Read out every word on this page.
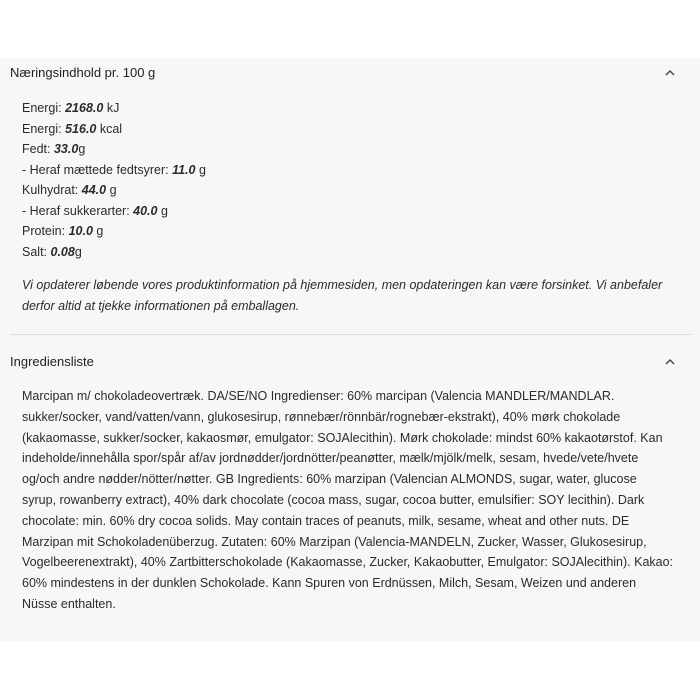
Næringsindhold pr. 100 g
Energi: 2168.0 kJ
Energi: 516.0 kcal
Fedt: 33.0g
- Heraf mættede fedtsyrer: 11.0 g
Kulhydrat: 44.0 g
- Heraf sukkerarter: 40.0 g
Protein: 10.0 g
Salt: 0.08g
Vi opdaterer løbende vores produktinformation på hjemmesiden, men opdateringen kan være forsinket. Vi anbefaler derfor altid at tjekke informationen på emballagen.
Ingrediensliste
Marcipan m/ chokoladeovertræk. DA/SE/NO Ingredienser: 60% marcipan (Valencia MANDLER/MANDLAR. sukker/socker, vand/vatten/vann, glukosesirup, rønnebær/rönnbär/rognebær-ekstrakt), 40% mørk chokolade (kakaomasse, sukker/socker, kakaosmør, emulgator: SOJAlecithin). Mørk chokolade: mindst 60% kakaotørstof. Kan indeholde/innehålla spor/spår af/av jordnødder/jordnötter/peanøtter, mælk/mjölk/melk, sesam, hvede/vete/hvete og/och andre nødder/nötter/nøtter. GB Ingredients: 60% marzipan (Valencian ALMONDS, sugar, water, glucose syrup, rowanberry extract), 40% dark chocolate (cocoa mass, sugar, cocoa butter, emulsifier: SOY lecithin). Dark chocolate: min. 60% dry cocoa solids. May contain traces of peanuts, milk, sesame, wheat and other nuts. DE Marzipan mit Schokoladenüberzug. Zutaten: 60% Marzipan (Valencia-MANDELN, Zucker, Wasser, Glukosesirup, Vogelbeerenextrakt), 40% Zartbitterschokolade (Kakaomasse, Zucker, Kakaobutter, Emulgator: SOJAlecithin). Kakao: 60% mindestens in der dunklen Schokolade. Kann Spuren von Erdnüssen, Milch, Sesam, Weizen und anderen Nüsse enthalten.
